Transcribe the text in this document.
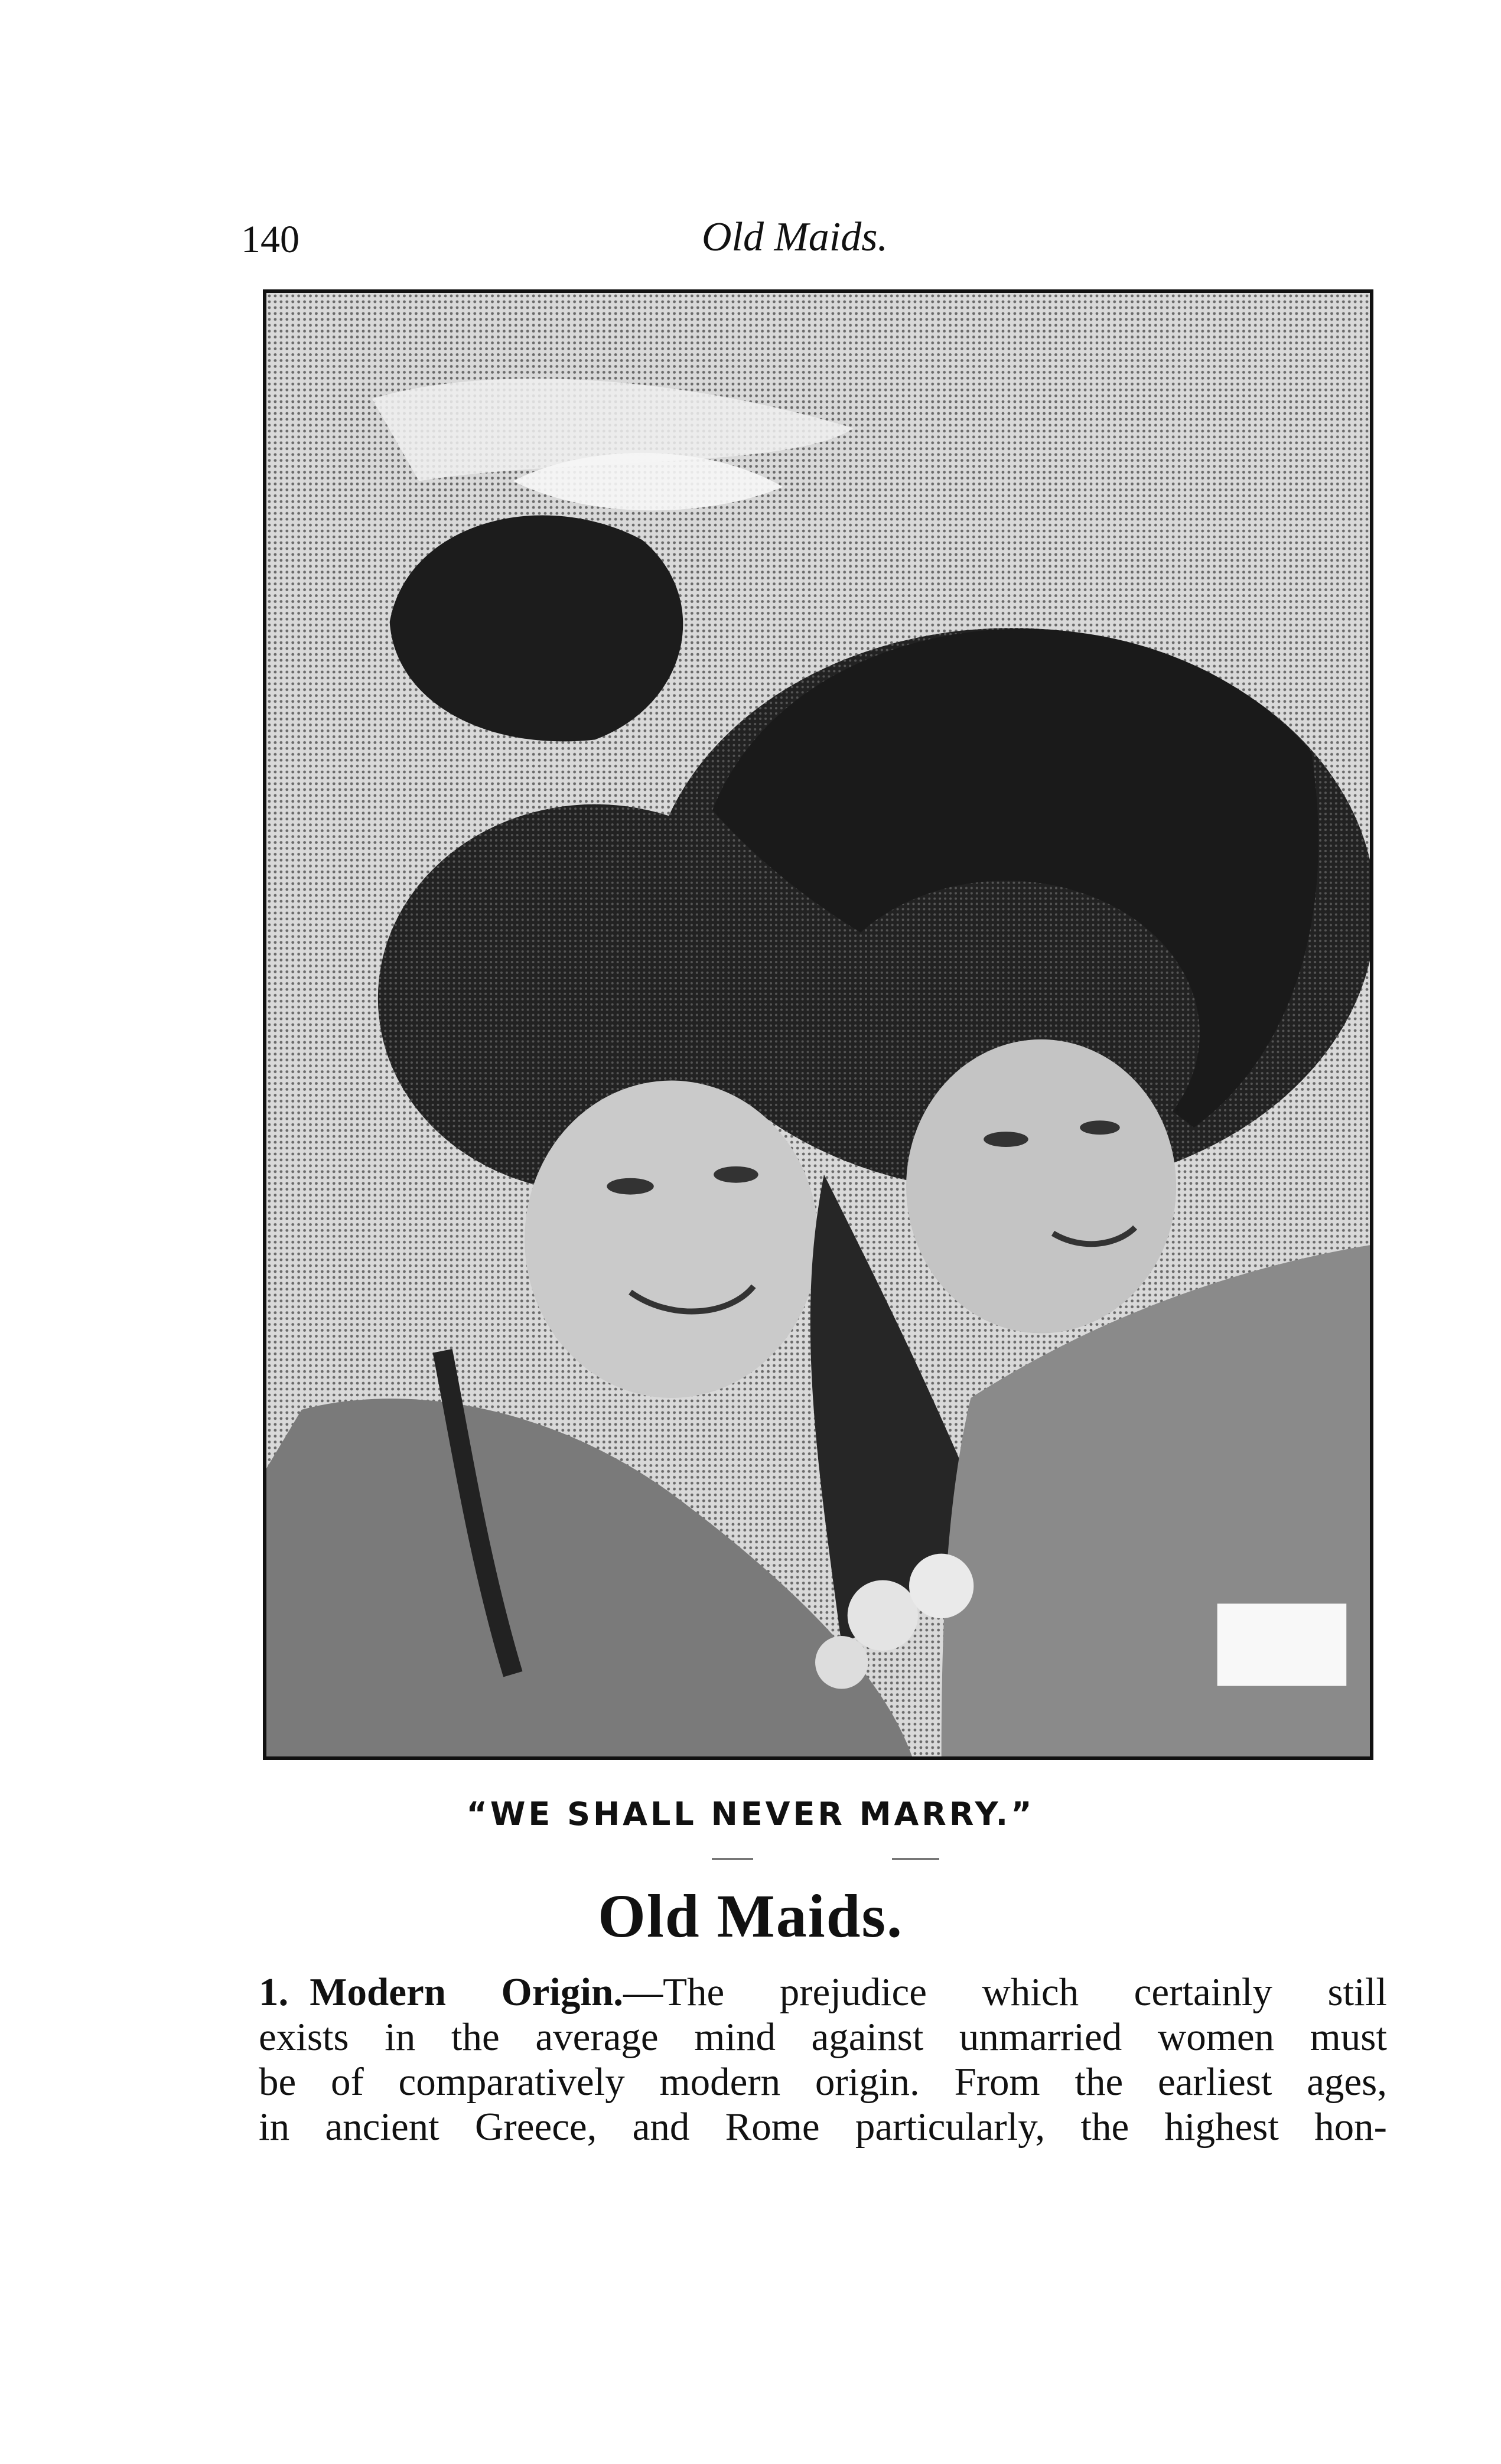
140	Old Maids.
“WE SHALL NEVER MARRY.”
Old Maids.
1. Modern Origin.—The prejudice which certainly still
exists in the average mind against unmarried women must
be of comparatively modern origin. From the earliest ages,
in ancient Greece, and Rome particularly, the highest hon-
